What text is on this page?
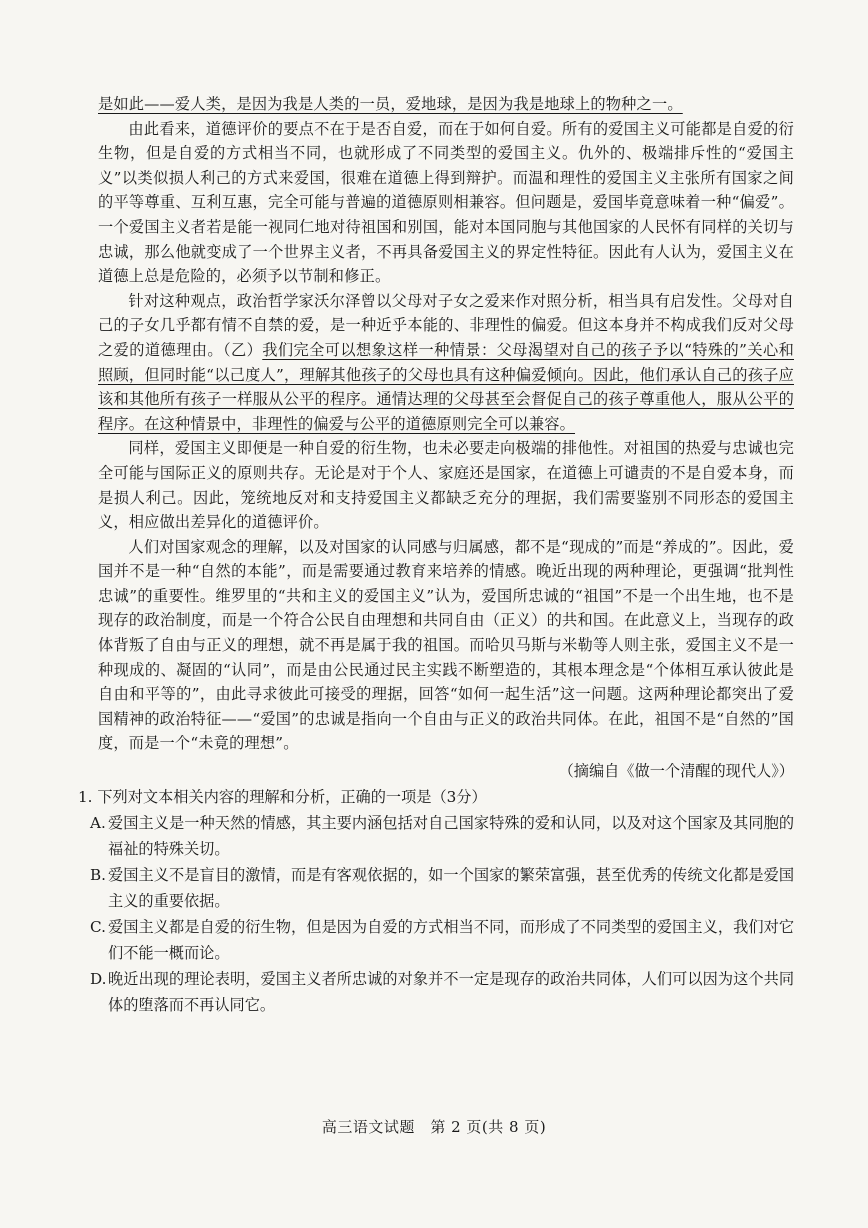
是如此——爱人类，是因为我是人类的一员，爱地球，是因为我是地球上的物种之一。

由此看来，道德评价的要点不在于是否自爱，而在于如何自爱。所有的爱国主义可能都是自爱的衍生物，但是自爱的方式相当不同，也就形成了不同类型的爱国主义。仇外的、极端排斥性的“爱国主义”以类似损人利己的方式来爱国，很难在道德上得到辩护。而温和理性的爱国主义主张所有国家之间的平等尊重、互利互惠，完全可能与普遍的道德原则相兼容。但问题是，爱国毕竟意味着一种“偏爱”。一个爱国主义者若是能一视同仁地对待祖国和别国，能对本国同胞与其他国家的人民怀有同样的关切与忠诚，那么他就变成了一个世界主义者，不再具备爱国主义的界定性特征。因此有人认为，爱国主义在道德上总是危险的，必须予以节制和修正。

针对这种观点，政治哲学家沃尔泽曾以父母对子女之爱来作对照分析，相当具有启发性。父母对自己的子女几乎都有情不自禁的爱，是一种近乎本能的、非理性的偏爱。但这本身并不构成我们反对父母之爱的道德理由。（乙）我们完全可以想象这样一种情景：父母渴望对自己的孩子予以“特殊的”关心和照顾，但同时能“以己度人”，理解其他孩子的父母也具有这种偏爱倾向。因此，他们承认自己的孩子应该和其他所有孩子一样服从公平的程序。通情达理的父母甚至会督促自己的孩子尊重他人，服从公平的程序。在这种情景中，非理性的偏爱与公平的道德原则完全可以兼容。

同样，爱国主义即便是一种自爱的衍生物，也未必要走向极端的排他性。对祖国的热爱与忠诚也完全可能与国际正义的原则共存。无论是对于个人、家庭还是国家，在道德上可谴责的不是自爱本身，而是损人利己。因此，笼统地反对和支持爱国主义都缺乏充分的理据，我们需要鉴别不同形态的爱国主义，相应做出差异化的道德评价。

人们对国家观念的理解，以及对国家的认同感与归属感，都不是“现成的”而是“养成的”。因此，爱国并不是一种“自然的本能”，而是需要通过教育来培养的情感。晚近出现的两种理论，更强调“批判性忠诚”的重要性。维罗里的“共和主义的爱国主义”认为，爱国所忠诚的“祖国”不是一个出生地，也不是现存的政治制度，而是一个符合公民自由理想和共同自由（正义）的共和国。在此意义上，当现存的政体背叛了自由与正义的理想，就不再是属于我的祖国。而哈贝马斯与米勒等人则主张，爱国主义不是一种现成的、凝固的“认同”，而是由公民通过民主实践不断塑造的，其根本理念是“个体相互承认彼此是自由和平等的”，由此寻求彼此可接受的理据，回答“如何一起生活”这一问题。这两种理论都突出了爱国精神的政治特征——“爱国”的忠诚是指向一个自由与正义的政治共同体。在此，祖国不是“自然的”国度，而是一个“未竟的理想”。

（摘编自《做一个清醒的现代人》）

1. 下列对文本相关内容的理解和分析，正确的一项是（3分）

A. 爱国主义是一种天然的情感，其主要内涵包括对自己国家特殊的爱和认同，以及对这个国家及其同胞的福祉的特殊关切。
B. 爱国主义不是盲目的激情，而是有客观依据的，如一个国家的繁荣富强，甚至优秀的传统文化都是爱国主义的重要依据。
C. 爱国主义都是自爱的衍生物，但是因为自爱的方式相当不同，而形成了不同类型的爱国主义，我们对它们不能一概而论。
D. 晚近出现的理论表明，爱国主义者所忠诚的对象并不一定是现存的政治共同体，人们可以因为这个共同体的堕落而不再认同它。
高三语文试题　第 2 页(共 8 页)
